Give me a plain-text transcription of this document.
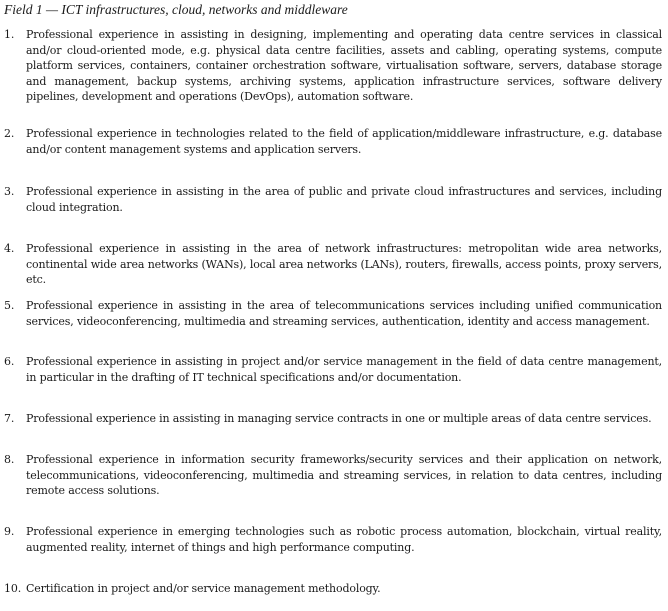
Field 1 — ICT infrastructures, cloud, networks and middleware
1.	Professional experience in assisting in designing, implementing and operating data centre services in classical and/or cloud-oriented mode, e.g. physical data centre facilities, assets and cabling, operating systems, compute platform services, containers, container orchestration software, virtualisation software, servers, database storage and management, backup systems, archiving systems, application infrastructure services, software delivery pipelines, development and operations (DevOps), automation software.
2.	Professional experience in technologies related to the field of application/middleware infrastructure, e.g. database and/or content management systems and application servers.
3.	Professional experience in assisting in the area of public and private cloud infrastructures and services, including cloud integration.
4.	Professional experience in assisting in the area of network infrastructures: metropolitan wide area networks, continental wide area networks (WANs), local area networks (LANs), routers, firewalls, access points, proxy servers, etc.
5.	Professional experience in assisting in the area of telecommunications services including unified communication services, videoconferencing, multimedia and streaming services, authentication, identity and access management.
6.	Professional experience in assisting in project and/or service management in the field of data centre management, in particular in the drafting of IT technical specifications and/or documentation.
7.	Professional experience in assisting in managing service contracts in one or multiple areas of data centre services.
8.	Professional experience in information security frameworks/security services and their application on network, telecommunications, videoconferencing, multimedia and streaming services, in relation to data centres, including remote access solutions.
9.	Professional experience in emerging technologies such as robotic process automation, blockchain, virtual reality, augmented reality, internet of things and high performance computing.
10. Certification in project and/or service management methodology.
